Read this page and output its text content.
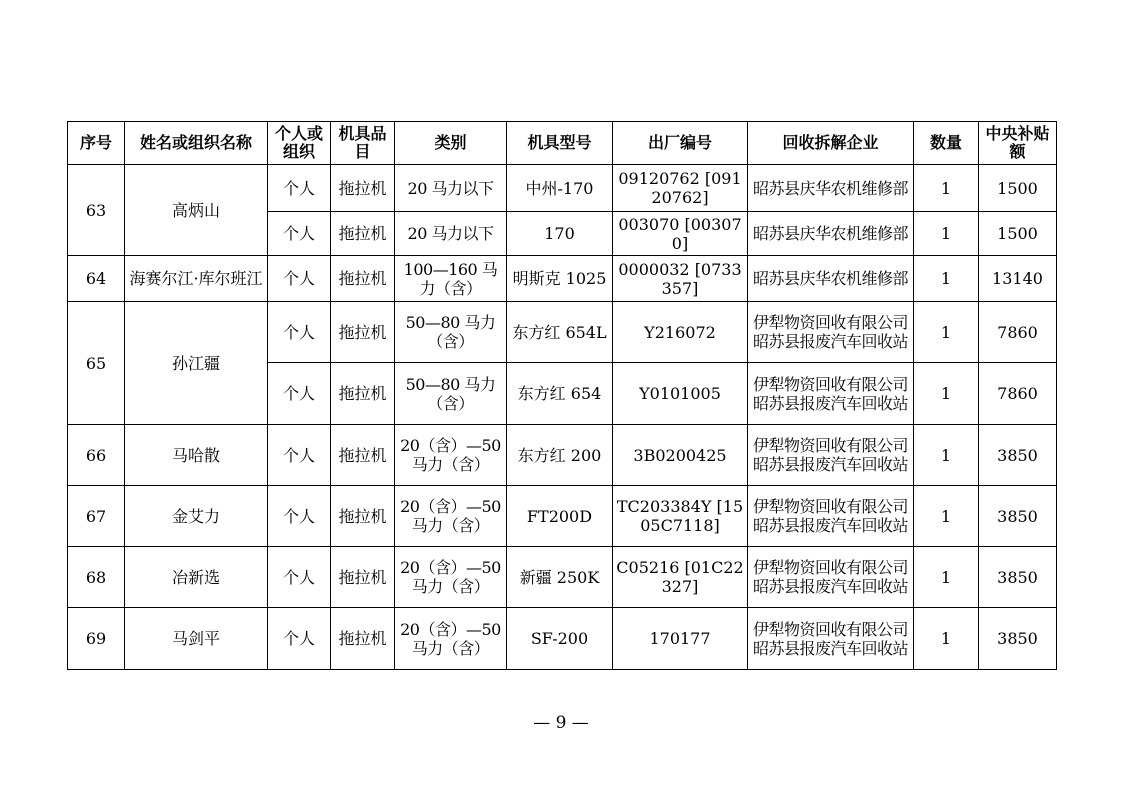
序号	姓名或组织名称	个人或组织	机具品目	类别	机具型号	出厂编号	回收拆解企业	数量	中央补贴额
63	高炳山	个人	拖拉机	20 马力以下	中州-170	09120762 [09120762]	昭苏县庆华农机维修部	1	1500
		个人	拖拉机	20 马力以下	170	003070 [003070]	昭苏县庆华农机维修部	1	1500
64	海赛尔江·库尔班江	个人	拖拉机	100—160 马力（含）	明斯克 1025	0000032 [0733357]	昭苏县庆华农机维修部	1	13140
65	孙江疆	个人	拖拉机	50—80 马力（含）	东方红 654L	Y216072	伊犁物资回收有限公司昭苏县报废汽车回收站	1	7860
		个人	拖拉机	50—80 马力（含）	东方红 654	Y0101005	伊犁物资回收有限公司昭苏县报废汽车回收站	1	7860
66	马哈散	个人	拖拉机	20（含）—50 马力（含）	东方红 200	3B0200425	伊犁物资回收有限公司昭苏县报废汽车回收站	1	3850
67	金艾力	个人	拖拉机	20（含）—50 马力（含）	FT200D	TC203384Y [1505C7118]	伊犁物资回收有限公司昭苏县报废汽车回收站	1	3850
68	冶新选	个人	拖拉机	20（含）—50 马力（含）	新疆 250K	C05216 [01C22327]	伊犁物资回收有限公司昭苏县报废汽车回收站	1	3850
69	马剑平	个人	拖拉机	20（含）—50 马力（含）	SF-200	170177	伊犁物资回收有限公司昭苏县报废汽车回收站	1	3850
— 9 —
